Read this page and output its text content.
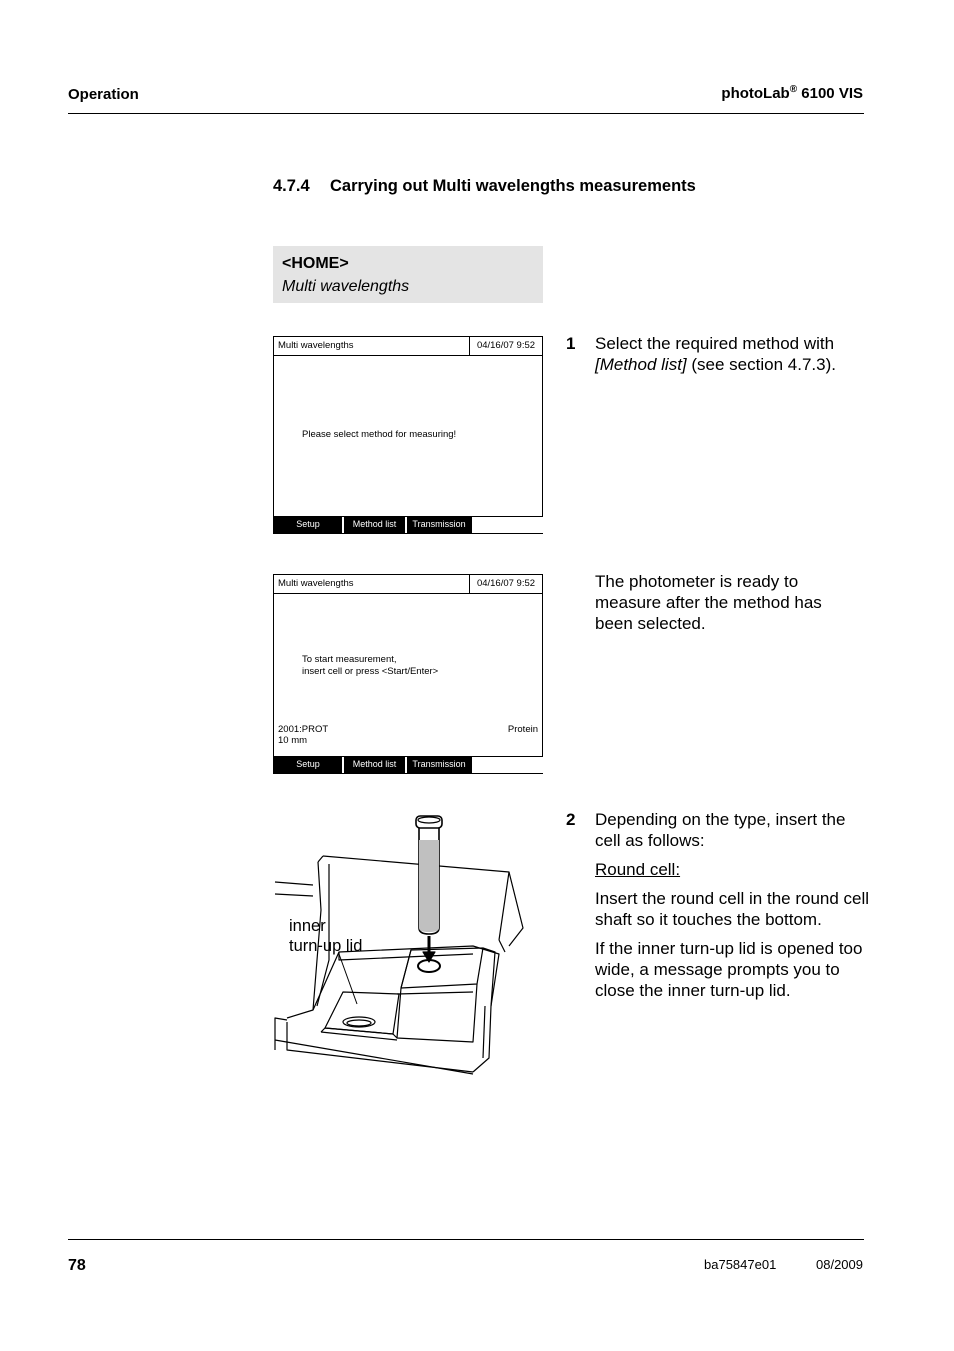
Operation	photoLab® 6100 VIS
4.7.4 Carrying out Multi wavelengths measurements
<HOME>
Multi wavelengths
Multi wavelengths	04/16/07 9:52
Please select method for measuring!
Setup	Method list	Transmission
Multi wavelengths	04/16/07 9:52
To start measurement,
insert cell or press <Start/Enter>
2001:PROT
10 mm
Protein
Setup	Method list	Transmission
1 Select the required method with [Method list] (see section 4.7.3).
The photometer is ready to measure after the method has been selected.
2 Depending on the type, insert the cell as follows:
Round cell:
Insert the round cell in the round cell shaft so it touches the bottom.
If the inner turn-up lid is opened too wide, a message prompts you to close the inner turn-up lid.
inner
turn-up lid
78	ba75847e01	08/2009
